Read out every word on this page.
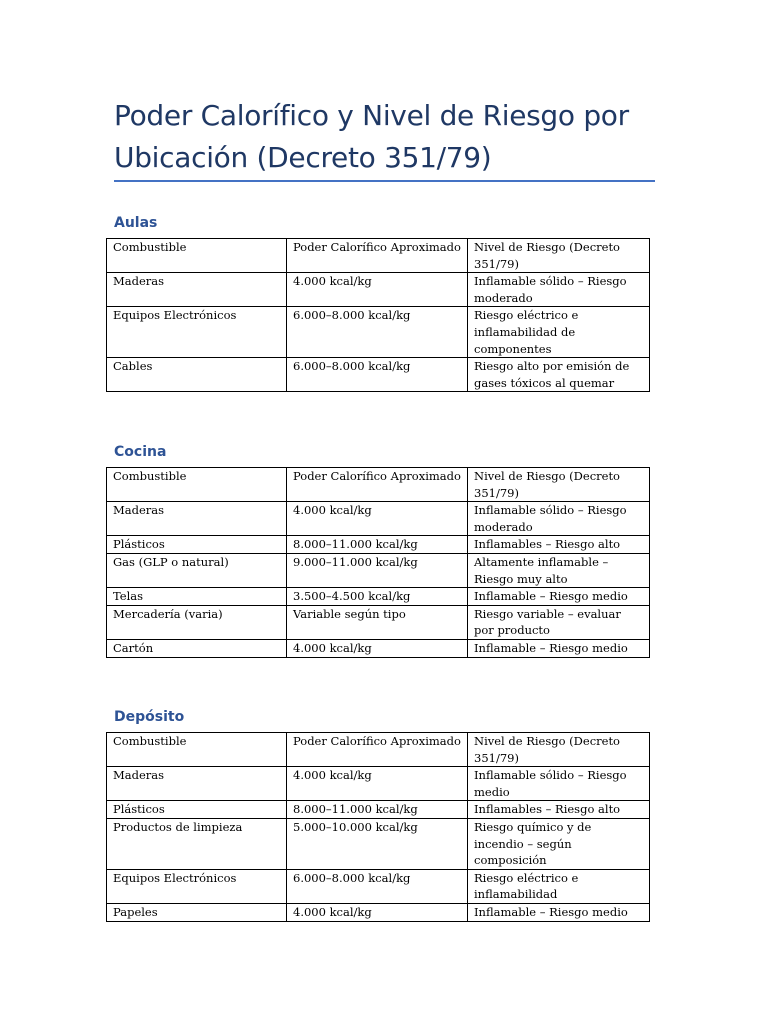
Poder Calorífico y Nivel de Riesgo por Ubicación (Decreto 351/79)
Aulas
Combustible	Poder Calorífico Aproximado	Nivel de Riesgo (Decreto 351/79)
Maderas	4.000 kcal/kg	Inflamable sólido – Riesgo moderado
Equipos Electrónicos	6.000–8.000 kcal/kg	Riesgo eléctrico e inflamabilidad de componentes
Cables	6.000–8.000 kcal/kg	Riesgo alto por emisión de gases tóxicos al quemar
Cocina
Combustible	Poder Calorífico Aproximado	Nivel de Riesgo (Decreto 351/79)
Maderas	4.000 kcal/kg	Inflamable sólido – Riesgo moderado
Plásticos	8.000–11.000 kcal/kg	Inflamables – Riesgo alto
Gas (GLP o natural)	9.000–11.000 kcal/kg	Altamente inflamable – Riesgo muy alto
Telas	3.500–4.500 kcal/kg	Inflamable – Riesgo medio
Mercadería (varia)	Variable según tipo	Riesgo variable – evaluar por producto
Cartón	4.000 kcal/kg	Inflamable – Riesgo medio
Depósito
Combustible	Poder Calorífico Aproximado	Nivel de Riesgo (Decreto 351/79)
Maderas	4.000 kcal/kg	Inflamable sólido – Riesgo medio
Plásticos	8.000–11.000 kcal/kg	Inflamables – Riesgo alto
Productos de limpieza	5.000–10.000 kcal/kg	Riesgo químico y de incendio – según composición
Equipos Electrónicos	6.000–8.000 kcal/kg	Riesgo eléctrico e inflamabilidad
Papeles	4.000 kcal/kg	Inflamable – Riesgo medio
